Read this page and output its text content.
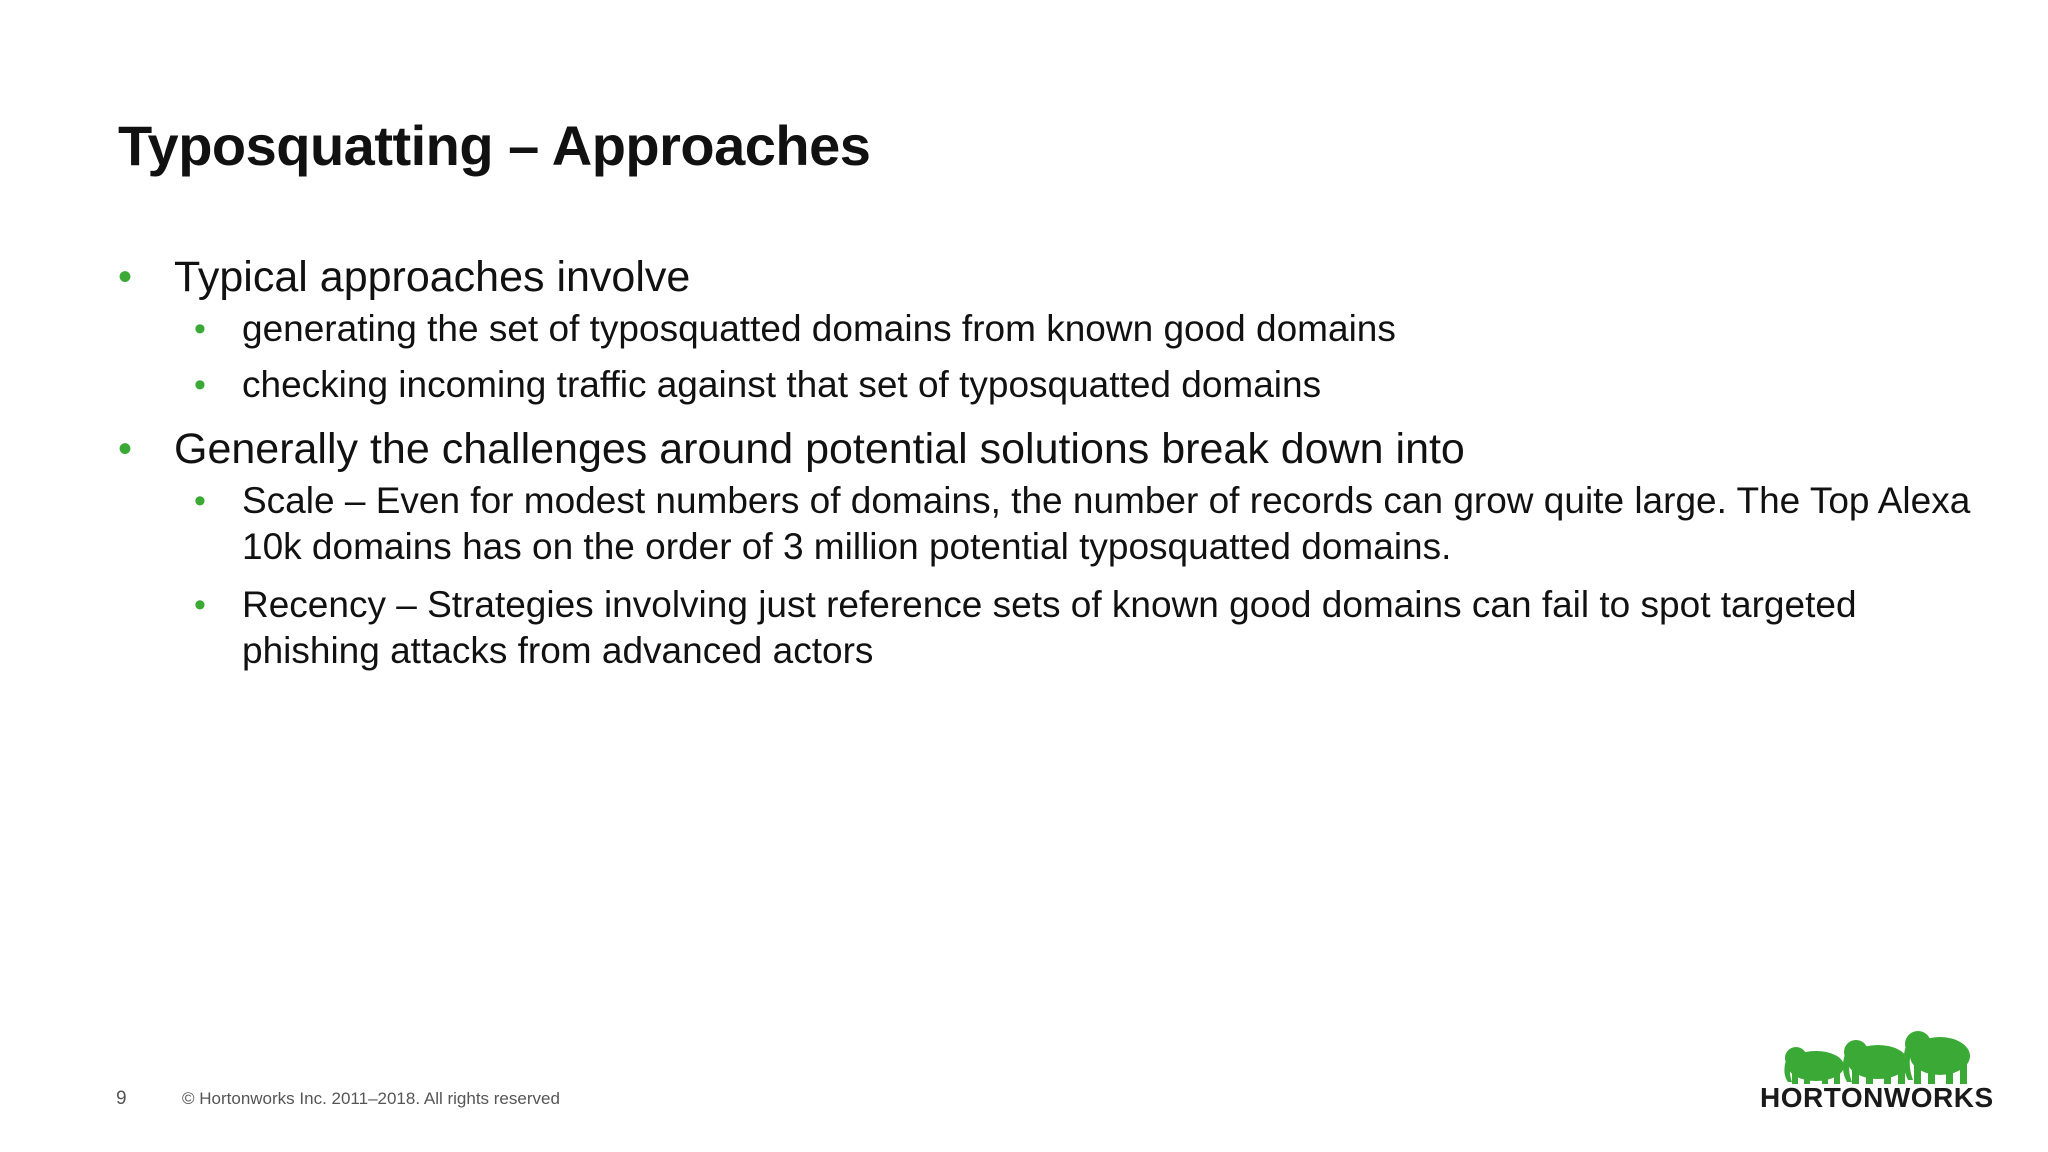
Typosquatting – Approaches
• Typical approaches involve
• generating the set of typosquatted domains from known good domains
• checking incoming traffic against that set of typosquatted domains
• Generally the challenges around potential solutions break down into
• Scale – Even for modest numbers of domains, the number of records can grow quite large. The Top Alexa 10k domains has on the order of 3 million potential typosquatted domains.
• Recency – Strategies involving just reference sets of known good domains can fail to spot targeted phishing attacks from advanced actors
9	© Hortonworks Inc. 2011–2018. All rights reserved	HORTONWORKS
